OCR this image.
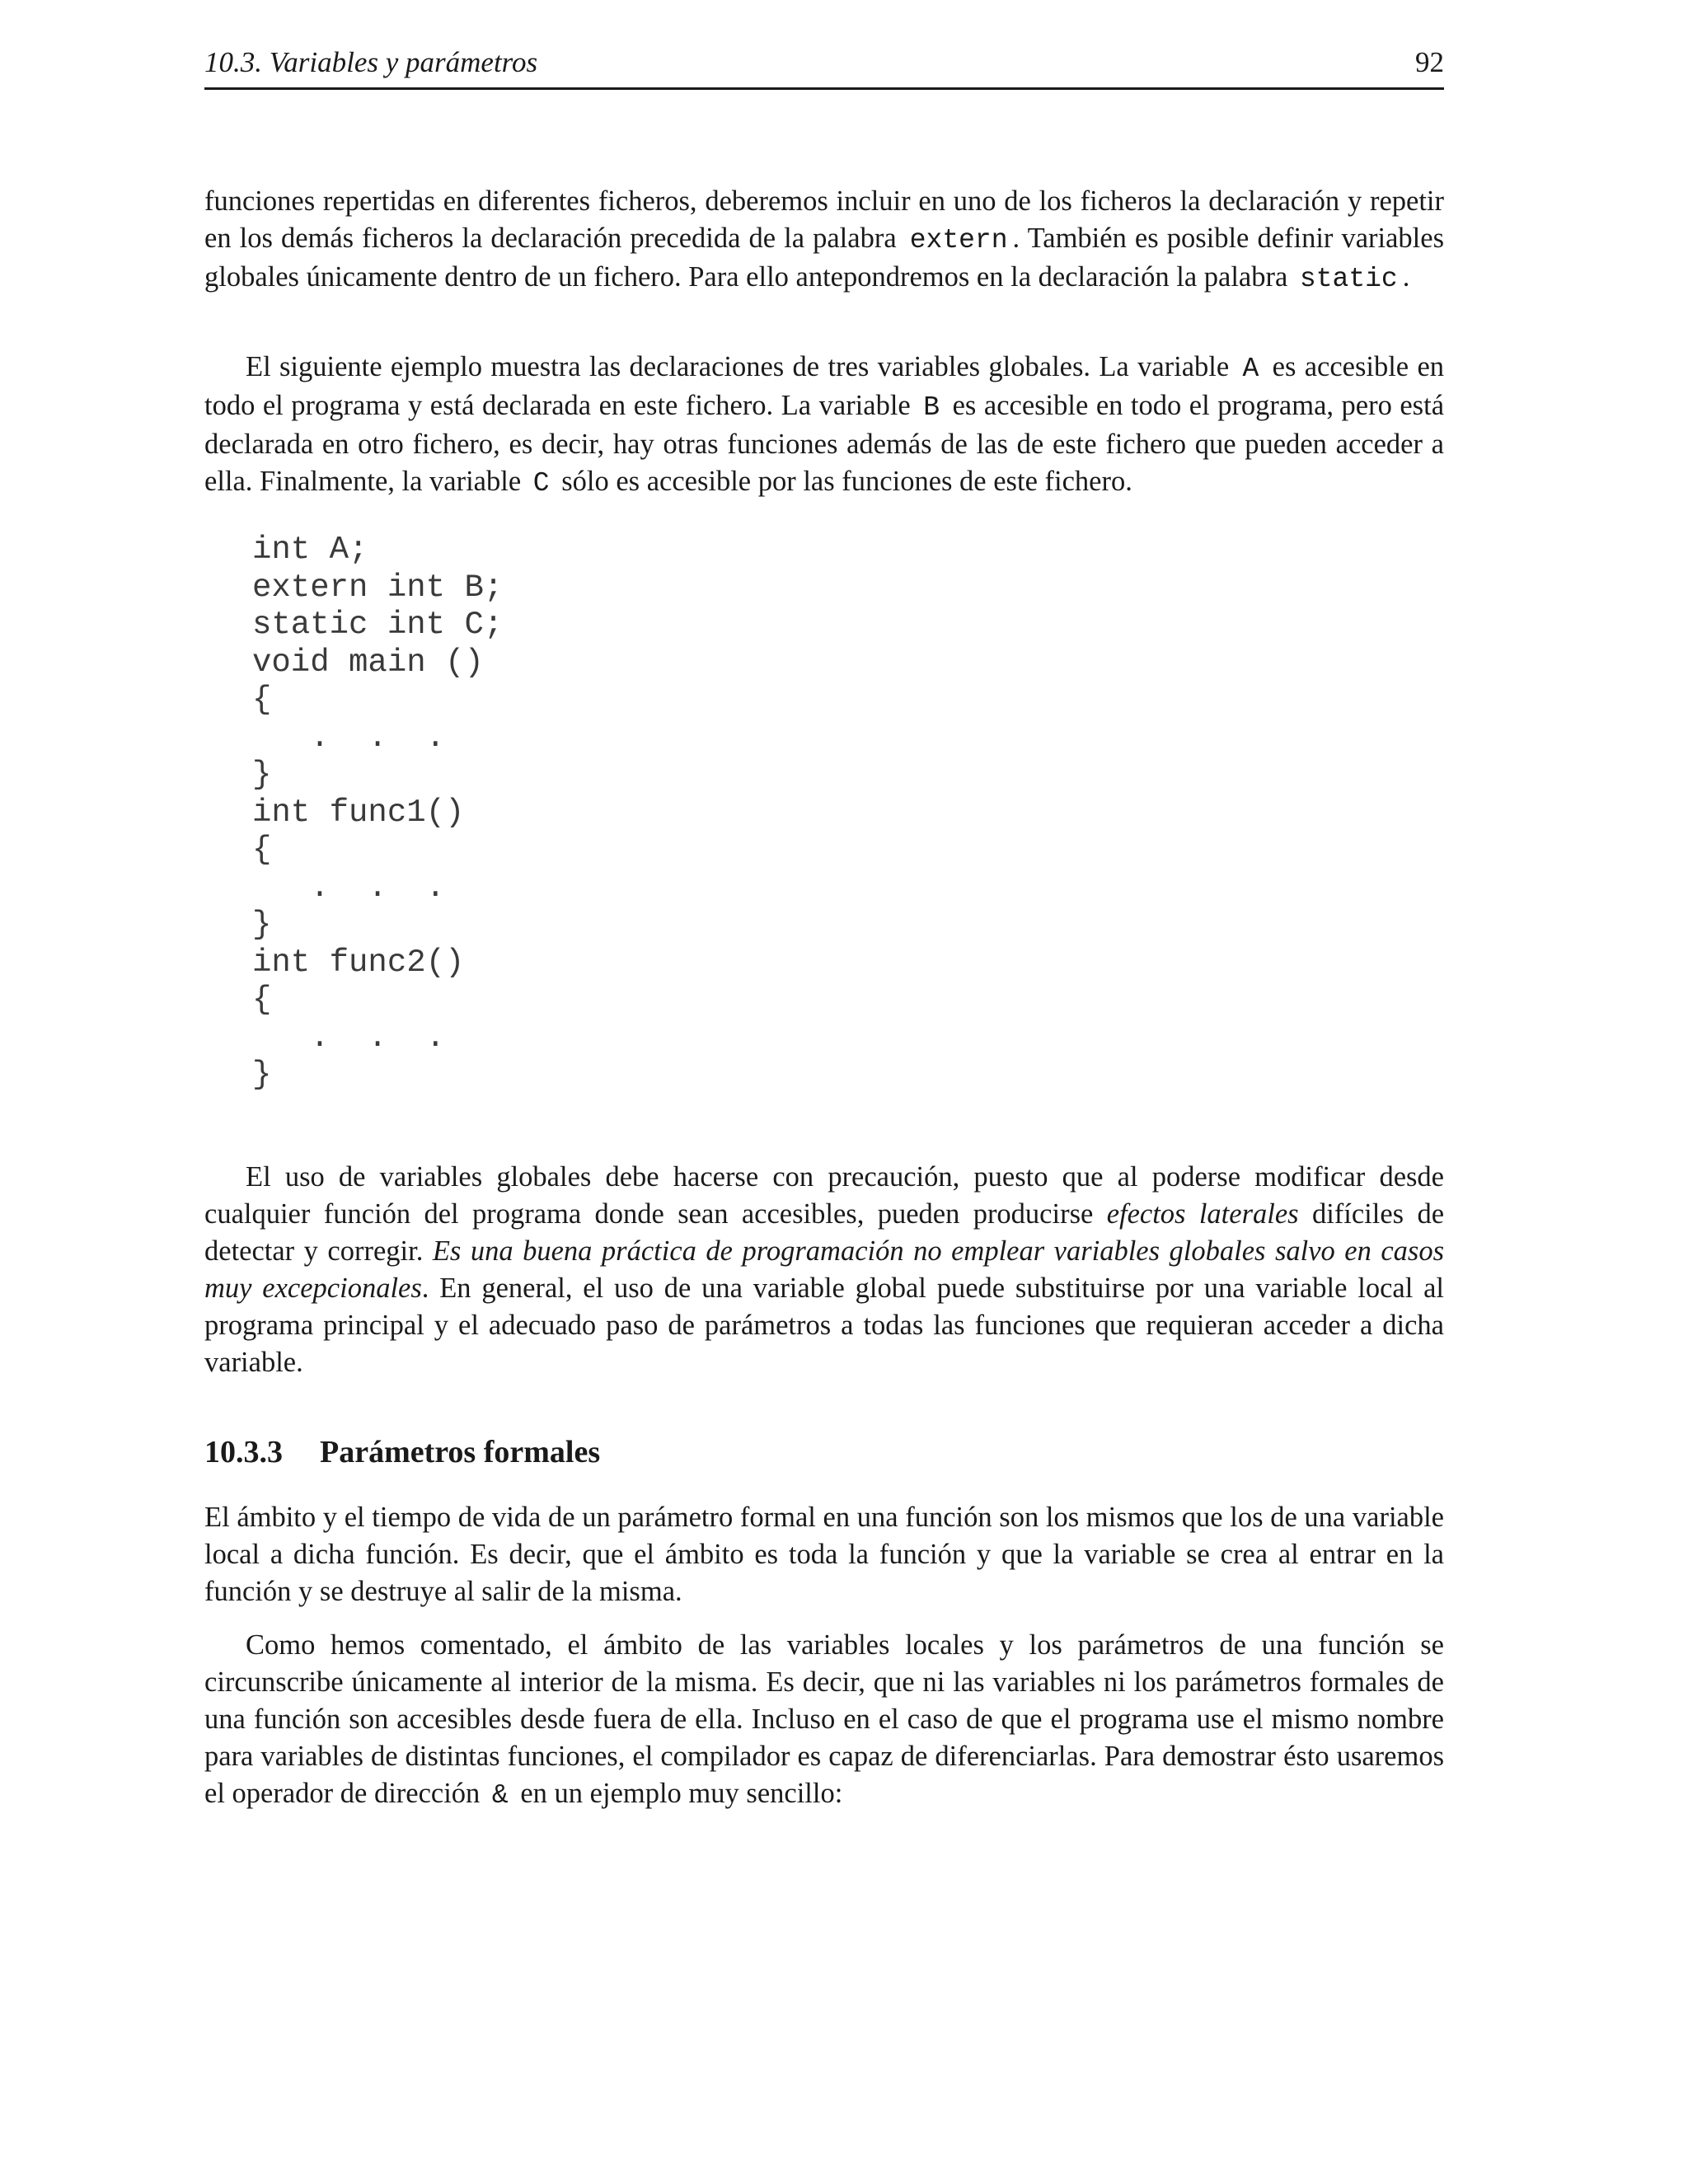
10.3. Variables y parámetros	92

funciones repertidas en diferentes ficheros, deberemos incluir en uno de los ficheros la declaración y repetir en los demás ficheros la declaración precedida de la palabra extern . También es posible definir variables globales únicamente dentro de un fichero. Para ello antepondremos en la declaración la palabra static .

El siguiente ejemplo muestra las declaraciones de tres variables globales. La variable A es accesible en todo el programa y está declarada en este fichero. La variable B es accesible en todo el programa, pero está declarada en otro fichero, es decir, hay otras funciones además de las de este fichero que pueden acceder a ella. Finalmente, la variable C sólo es accesible por las funciones de este fichero.

int A;
extern int B;
static int C;
void main ()
{
.  .  .
}
int func1()
{
.  .  .
}
int func2()
{
.  .  .
}

El uso de variables globales debe hacerse con precaución, puesto que al poderse modificar desde cualquier función del programa donde sean accesibles, pueden producirse efectos laterales difíciles de detectar y corregir. Es una buena práctica de programación no emplear variables globales salvo en casos muy excepcionales. En general, el uso de una variable global puede substituirse por una variable local al programa principal y el adecuado paso de parámetros a todas las funciones que requieran acceder a dicha variable.

10.3.3 Parámetros formales

El ámbito y el tiempo de vida de un parámetro formal en una función son los mismos que los de una variable local a dicha función. Es decir, que el ámbito es toda la función y que la variable se crea al entrar en la función y se destruye al salir de la misma.

Como hemos comentado, el ámbito de las variables locales y los parámetros de una función se circunscribe únicamente al interior de la misma. Es decir, que ni las variables ni los parámetros formales de una función son accesibles desde fuera de ella. Incluso en el caso de que el programa use el mismo nombre para variables de distintas funciones, el compilador es capaz de diferenciarlas. Para demostrar ésto usaremos el operador de dirección & en un ejemplo muy sencillo:
